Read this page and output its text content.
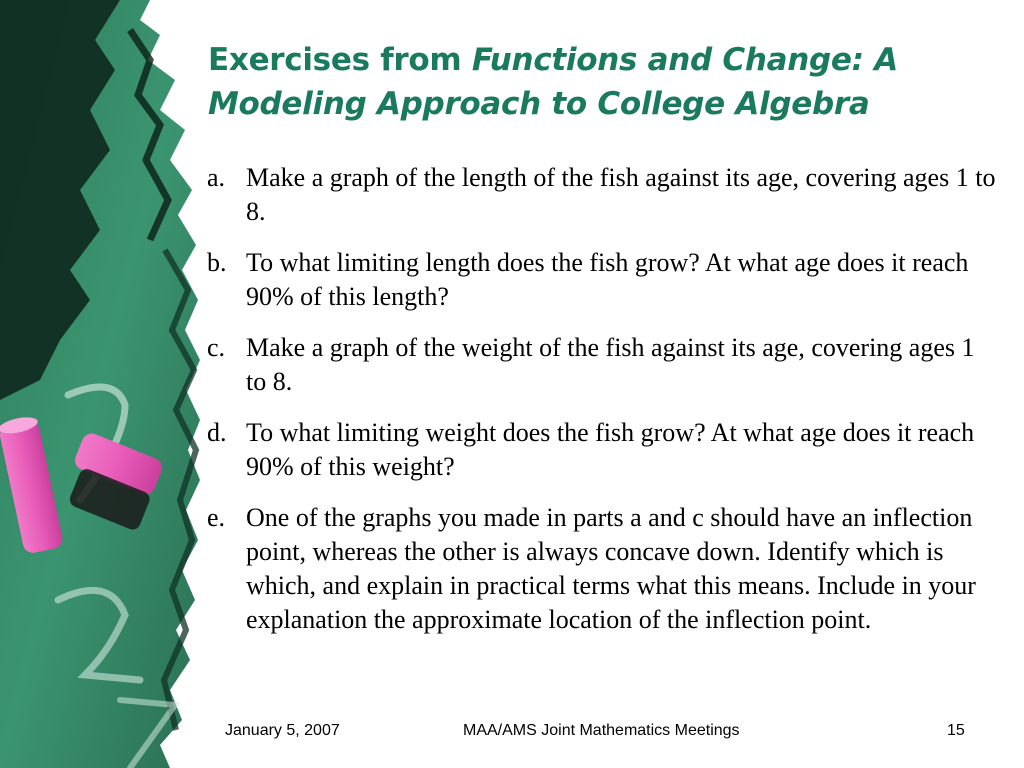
Exercises from Functions and Change: A Modeling Approach to College Algebra
a. Make a graph of the length of the fish against its age, covering ages 1 to 8.
b. To what limiting length does the fish grow? At what age does it reach 90% of this length?
c. Make a graph of the weight of the fish against its age, covering ages 1 to 8.
d. To what limiting weight does the fish grow? At what age does it reach 90% of this weight?
e. One of the graphs you made in parts a and c should have an inflection point, whereas the other is always concave down. Identify which is which, and explain in practical terms what this means. Include in your explanation the approximate location of the inflection point.
January 5, 2007	MAA/AMS Joint Mathematics Meetings	15
